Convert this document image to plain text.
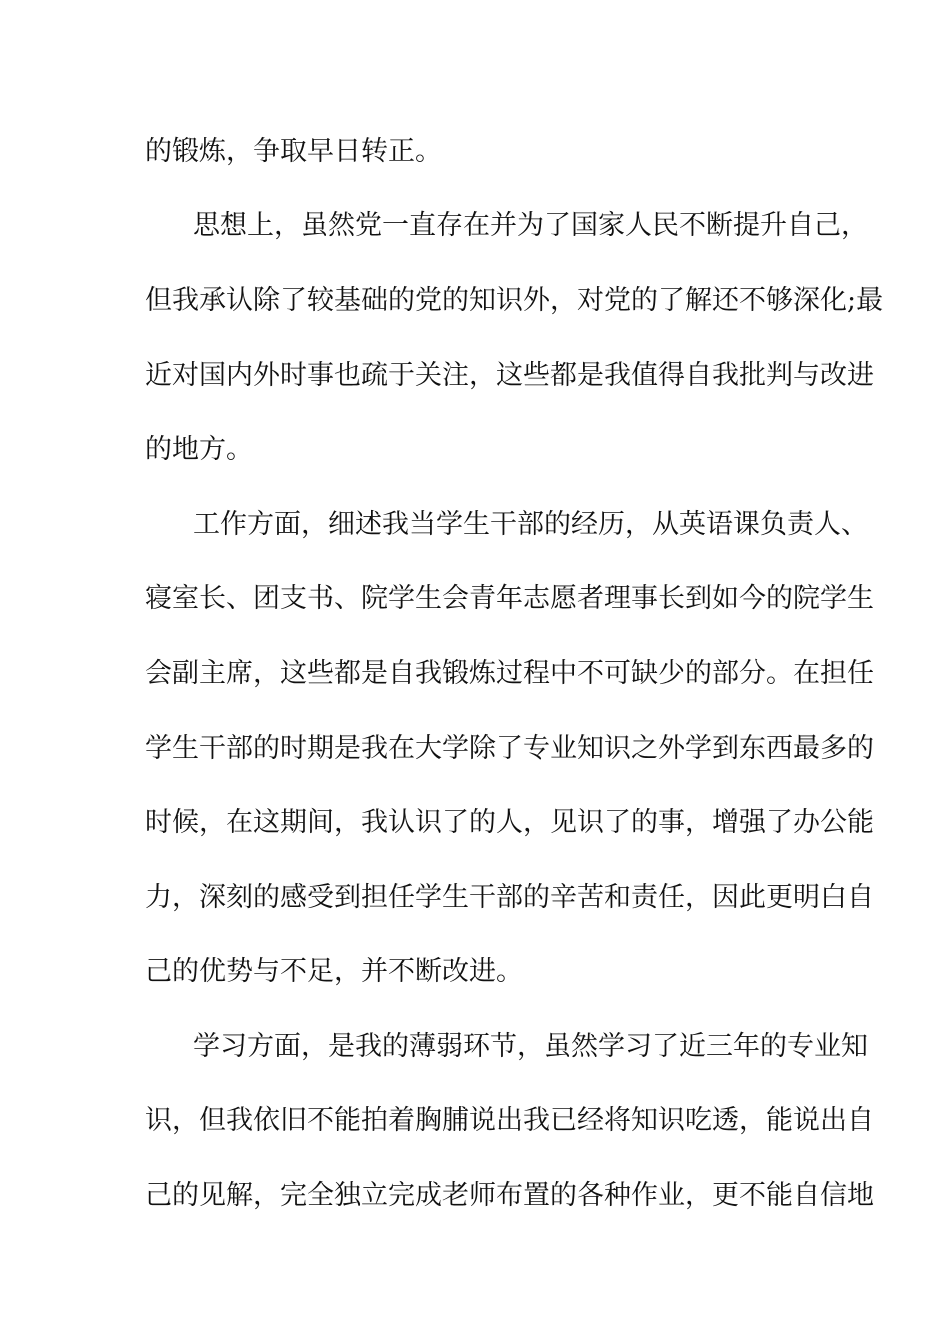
的锻炼，争取早日转正。
思想上，虽然党一直存在并为了国家人民不断提升自己，
但我承认除了较基础的党的知识外，对党的了解还不够深化;最
近对国内外时事也疏于关注，这些都是我值得自我批判与改进
的地方。
工作方面，细述我当学生干部的经历，从英语课负责人、
寝室长、团支书、院学生会青年志愿者理事长到如今的院学生
会副主席，这些都是自我锻炼过程中不可缺少的部分。在担任
学生干部的时期是我在大学除了专业知识之外学到东西最多的
时候，在这期间，我认识了的人，见识了的事，增强了办公能
力，深刻的感受到担任学生干部的辛苦和责任，因此更明白自
己的优势与不足，并不断改进。
学习方面，是我的薄弱环节，虽然学习了近三年的专业知
识，但我依旧不能拍着胸脯说出我已经将知识吃透，能说出自
己的见解，完全独立完成老师布置的各种作业，更不能自信地
